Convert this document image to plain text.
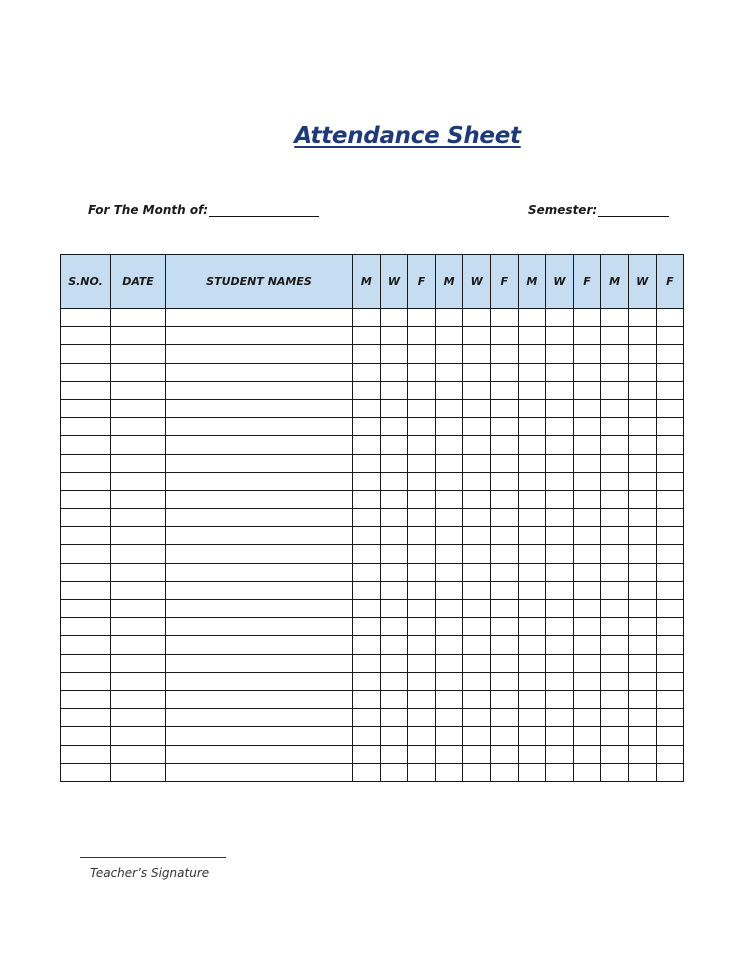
Attendance Sheet
For The Month of:	Semester:
S.NO.	DATE	STUDENT NAMES	M	W	F	M	W	F	M	W	F	M	W	F

Teacher’s Signature
